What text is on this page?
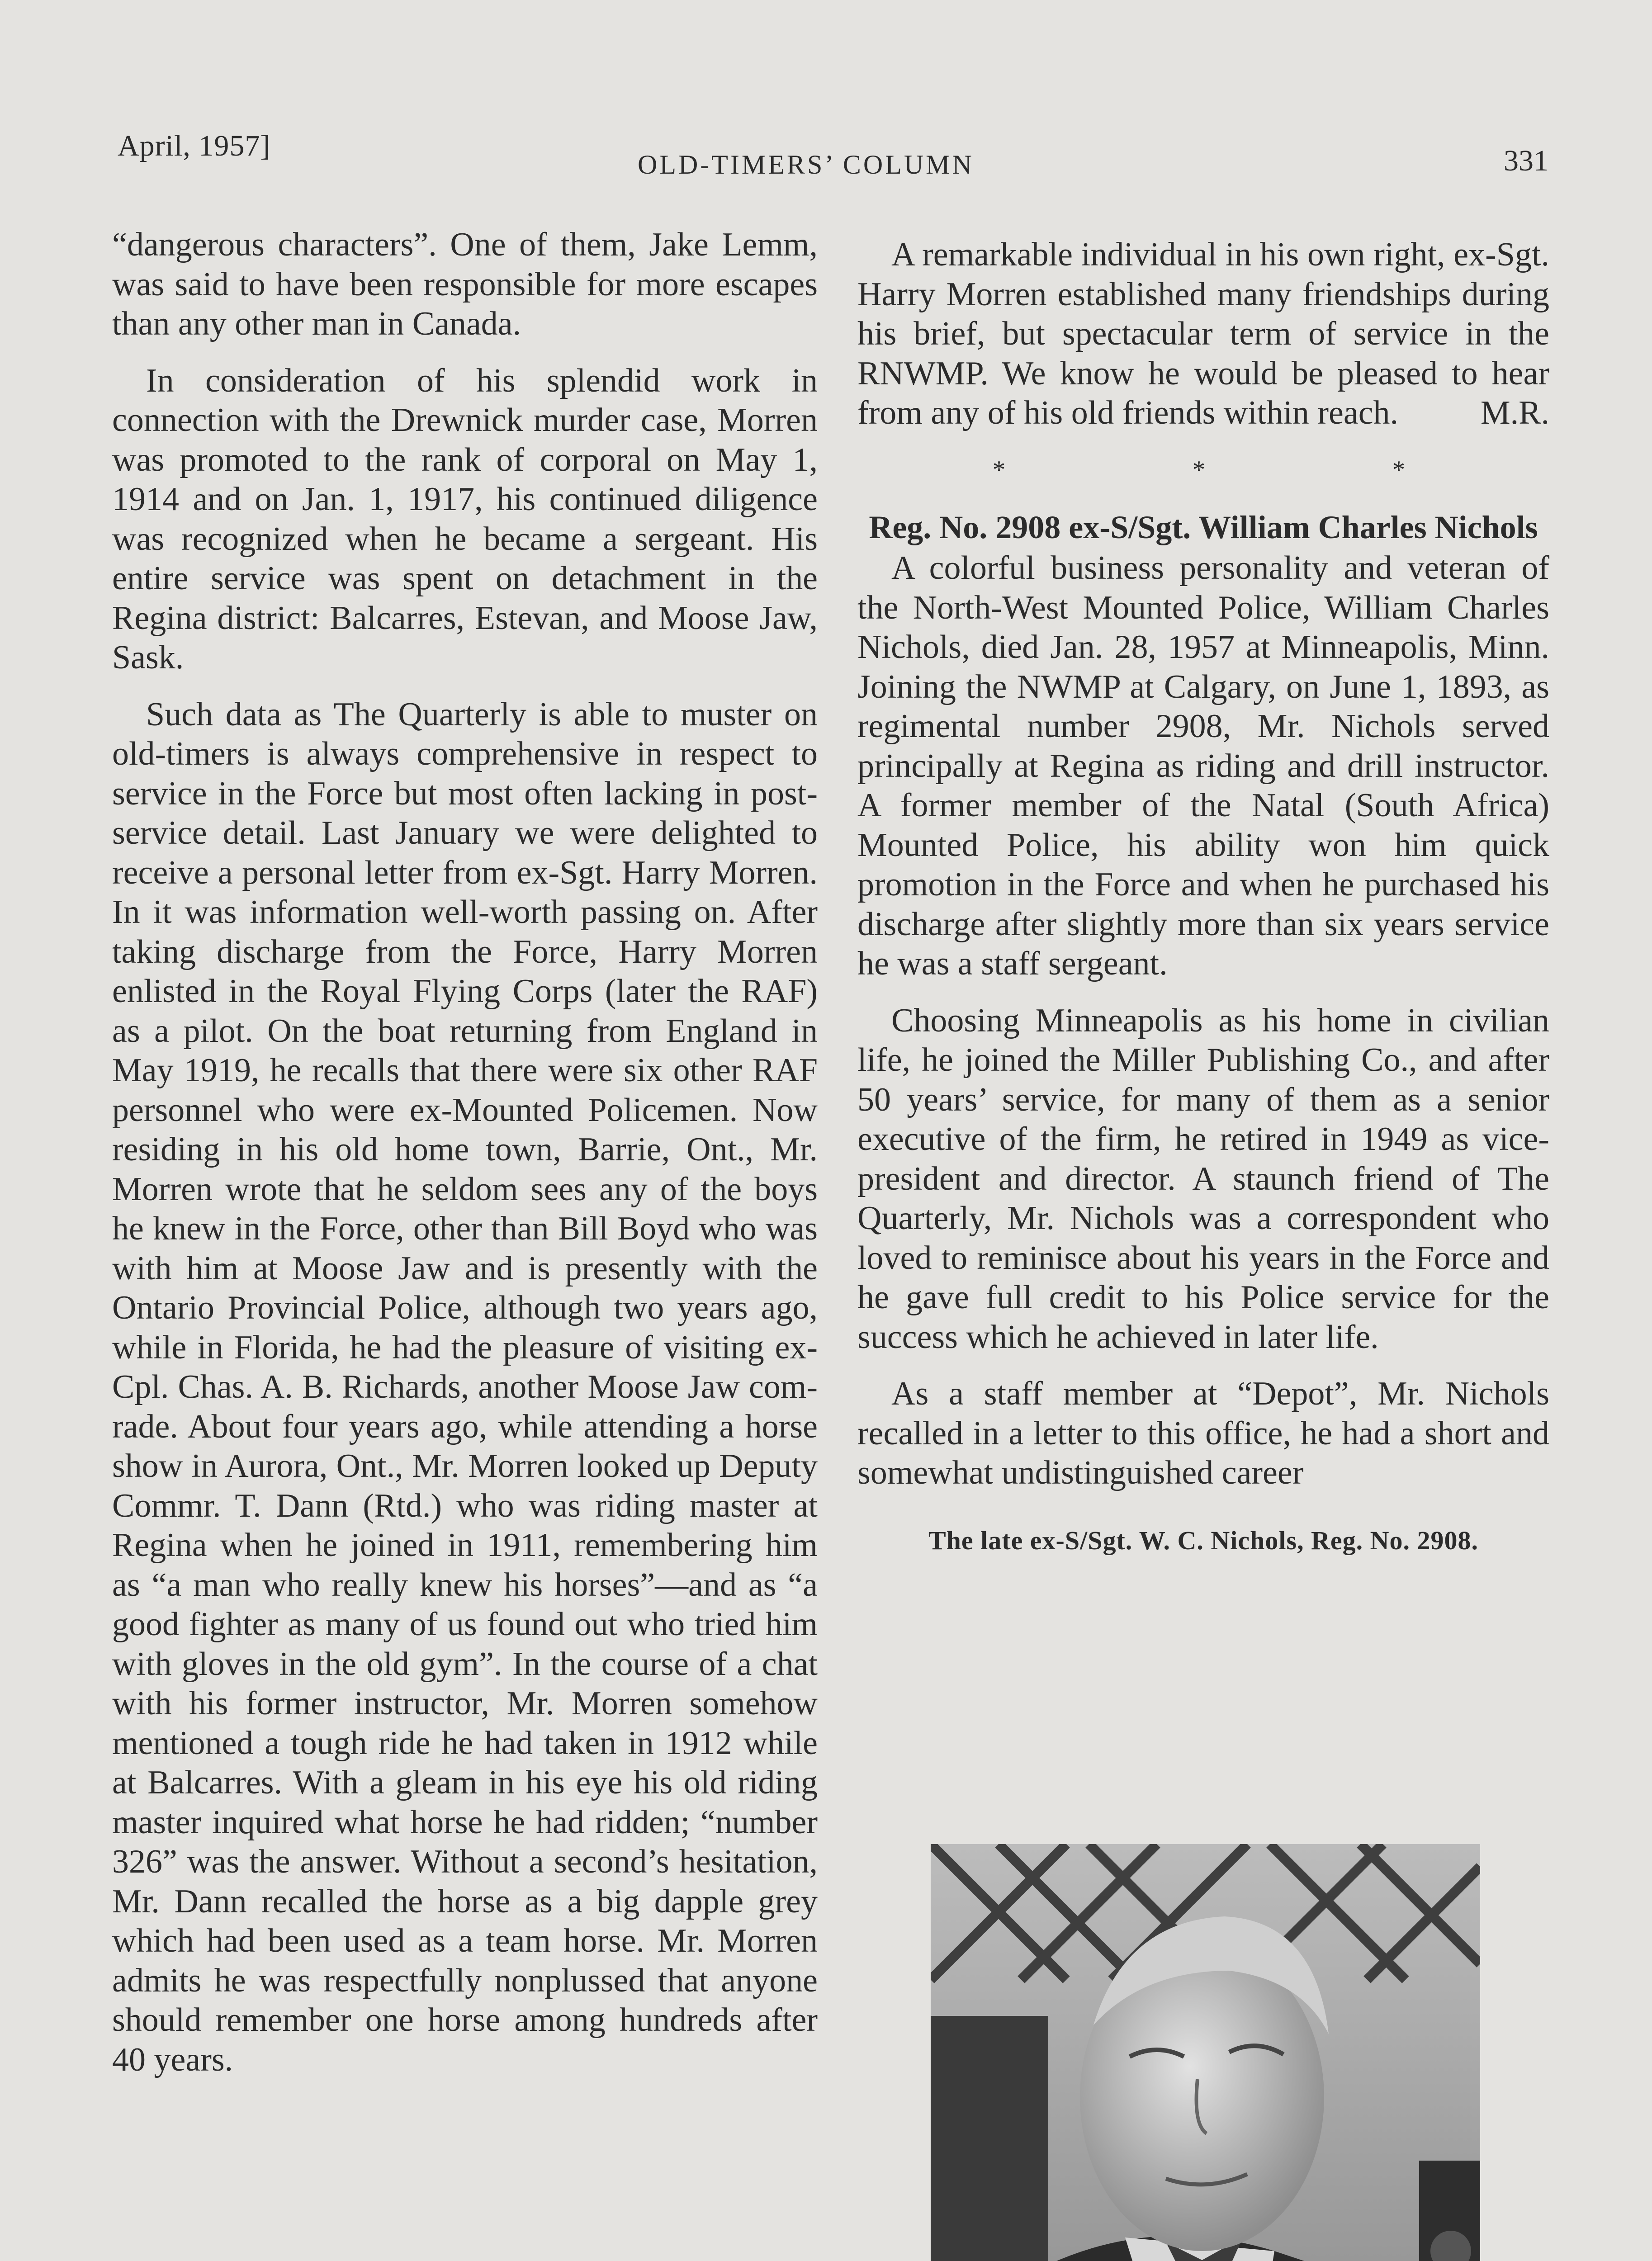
April, 1957]
OLD-TIMERS’ COLUMN	331

“dangerous characters”. One of them, Jake Lemm, was said to have been responsible for more escapes than any other man in Canada.

In consideration of his splendid work in connection with the Drewnick murder case, Morren was promoted to the rank of corporal on May 1, 1914 and on Jan. 1, 1917, his continued diligence was recognized when he became a sergeant. His entire service was spent on detachment in the Regina district: Balcarres, Estevan, and Moose Jaw, Sask.

Such data as The Quarterly is able to muster on old-timers is always comprehensive in respect to service in the Force but most often lacking in post-service detail. Last January we were delighted to receive a personal letter from ex-Sgt. Harry Morren. In it was information well-worth passing on. After taking discharge from the Force, Harry Morren enlisted in the Royal Flying Corps (later the RAF) as a pilot. On the boat returning from England in May 1919, he recalls that there were six other RAF personnel who were ex-Mounted Policemen. Now residing in his old home town, Barrie, Ont., Mr. Morren wrote that he seldom sees any of the boys he knew in the Force, other than Bill Boyd who was with him at Moose Jaw and is presently with the Ontario Provincial Police, although two years ago, while in Florida, he had the pleasure of visiting ex-Cpl. Chas. A. B. Richards, another Moose Jaw comrade. About four years ago, while attending a horse show in Aurora, Ont., Mr. Morren looked up Deputy Commr. T. Dann (Rtd.) who was riding master at Regina when he joined in 1911, remembering him as “a man who really knew his horses”—and as “a good fighter as many of us found out who tried him with gloves in the old gym”. In the course of a chat with his former instructor, Mr. Morren somehow mentioned a tough ride he had taken in 1912 while at Balcarres. With a gleam in his eye his old riding master inquired what horse he had ridden; “number 326” was the answer. Without a second’s hesitation, Mr. Dann recalled the horse as a big dapple grey which had been used as a team horse. Mr. Morren admits he was respectfully nonplussed that anyone should remember one horse among hundreds after 40 years.

A remarkable individual in his own right, ex-Sgt. Harry Morren established many friendships during his brief, but spectacular term of service in the RNWMP. We know he would be pleased to hear from any of his old friends within reach.	M.R.

* * *
Reg. No. 2908 ex-S/Sgt. William Charles Nichols

A colorful business personality and veteran of the North-West Mounted Police, William Charles Nichols, died Jan. 28, 1957 at Minneapolis, Minn. Joining the NWMP at Calgary, on June 1, 1893, as regimental number 2908, Mr. Nichols served principally at Regina as riding and drill instructor. A former member of the Natal (South Africa) Mounted Police, his ability won him quick promotion in the Force and when he purchased his discharge after slightly more than six years service he was a staff sergeant.

Choosing Minneapolis as his home in civilian life, he joined the Miller Publishing Co., and after 50 years’ service, for many of them as a senior executive of the firm, he retired in 1949 as vice-president and director. A staunch friend of The Quarterly, Mr. Nichols was a correspondent who loved to reminisce about his years in the Force and he gave full credit to his Police service for the success which he achieved in later life.

As a staff member at “Depot”, Mr. Nichols recalled in a letter to this office, he had a short and somewhat undistinguished career

The late ex-S/Sgt. W. C. Nichols, Reg. No. 2908.
